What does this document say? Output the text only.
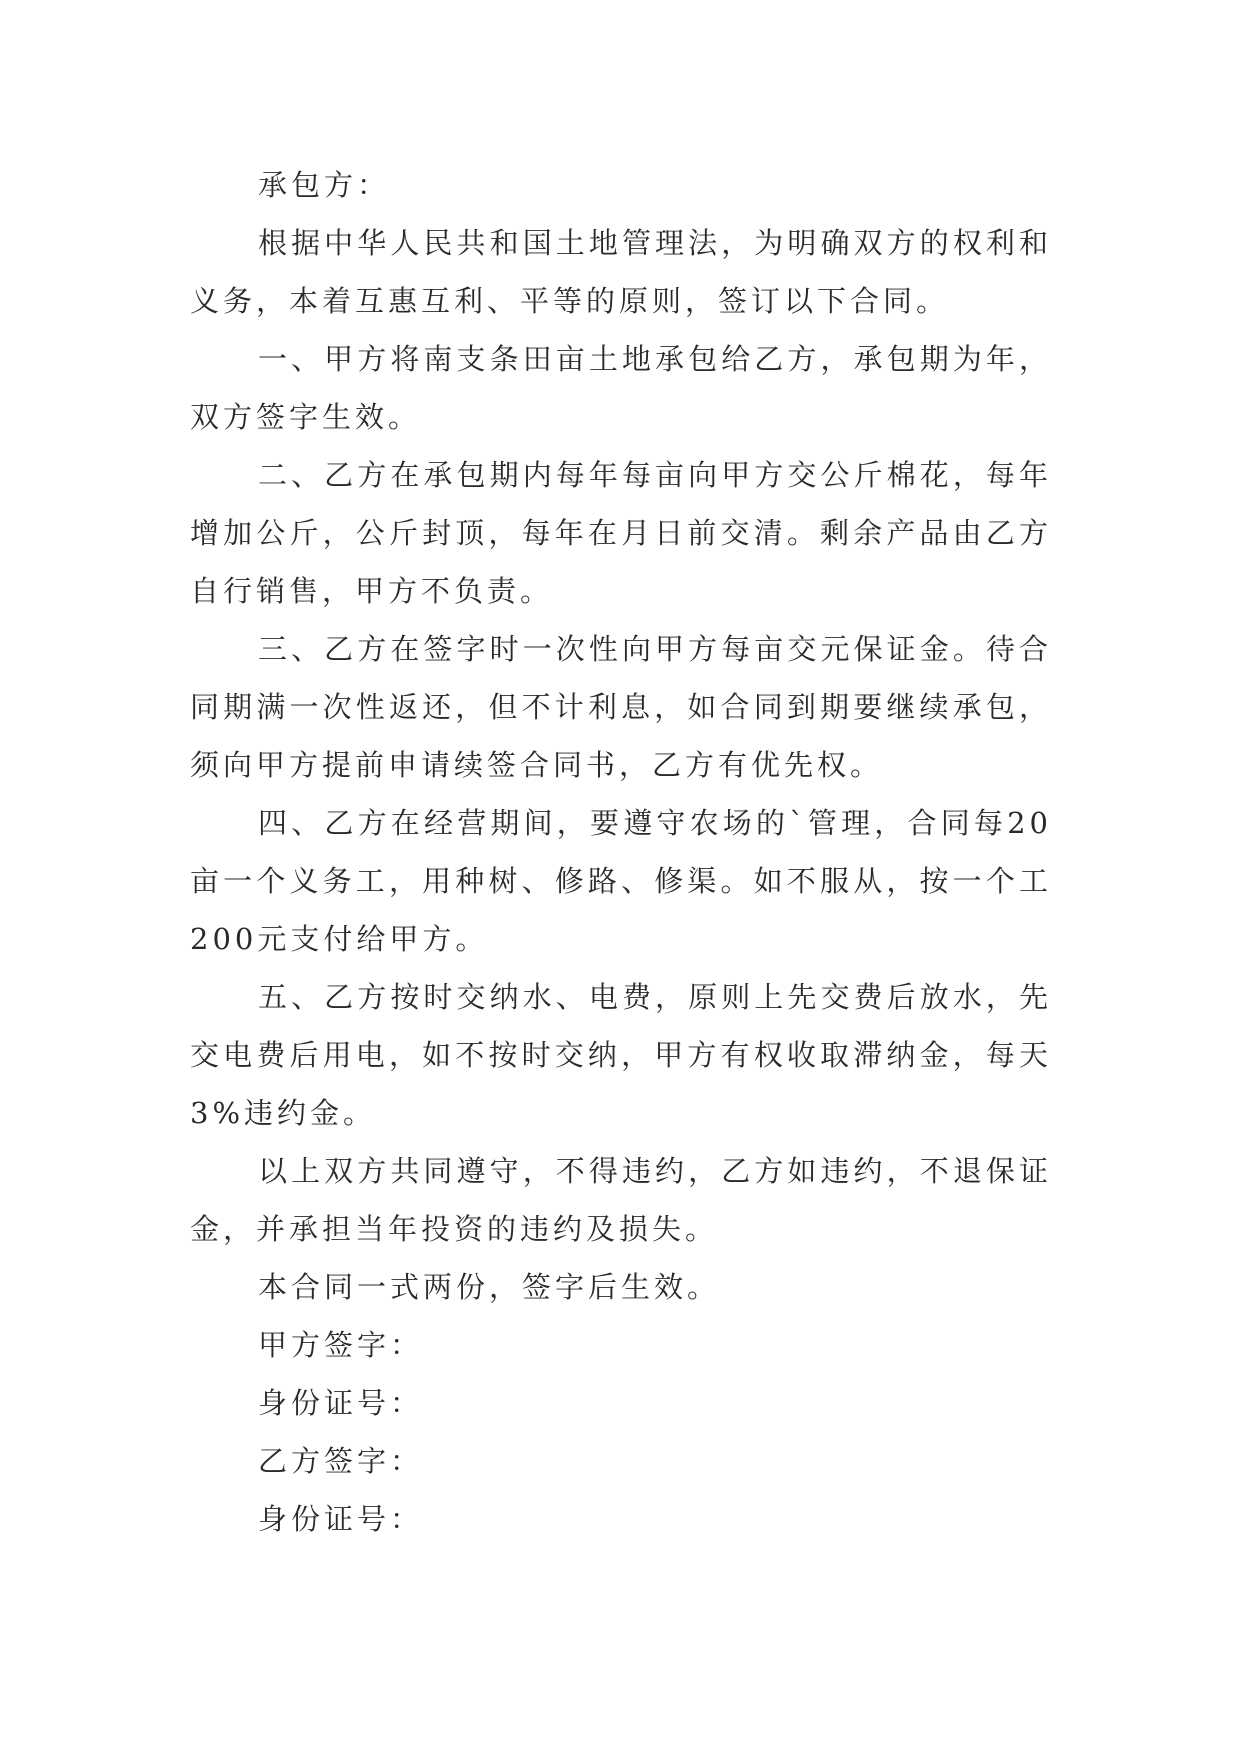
承包方：

根据中华人民共和国土地管理法，为明确双方的权利和义务，本着互惠互利、平等的原则，签订以下合同。

一、甲方将南支条田亩土地承包给乙方，承包期为年，双方签字生效。

二、乙方在承包期内每年每亩向甲方交公斤棉花，每年增加公斤，公斤封顶，每年在月日前交清。剩余产品由乙方自行销售，甲方不负责。

三、乙方在签字时一次性向甲方每亩交元保证金。待合同期满一次性返还，但不计利息，如合同到期要继续承包，须向甲方提前申请续签合同书，乙方有优先权。

四、乙方在经营期间，要遵守农场的`管理，合同每20亩一个义务工，用种树、修路、修渠。如不服从，按一个工200元支付给甲方。

五、乙方按时交纳水、电费，原则上先交费后放水，先交电费后用电，如不按时交纳，甲方有权收取滞纳金，每天3%违约金。

以上双方共同遵守，不得违约，乙方如违约，不退保证金，并承担当年投资的违约及损失。

本合同一式两份，签字后生效。

甲方签字：

身份证号：

乙方签字：

身份证号：
